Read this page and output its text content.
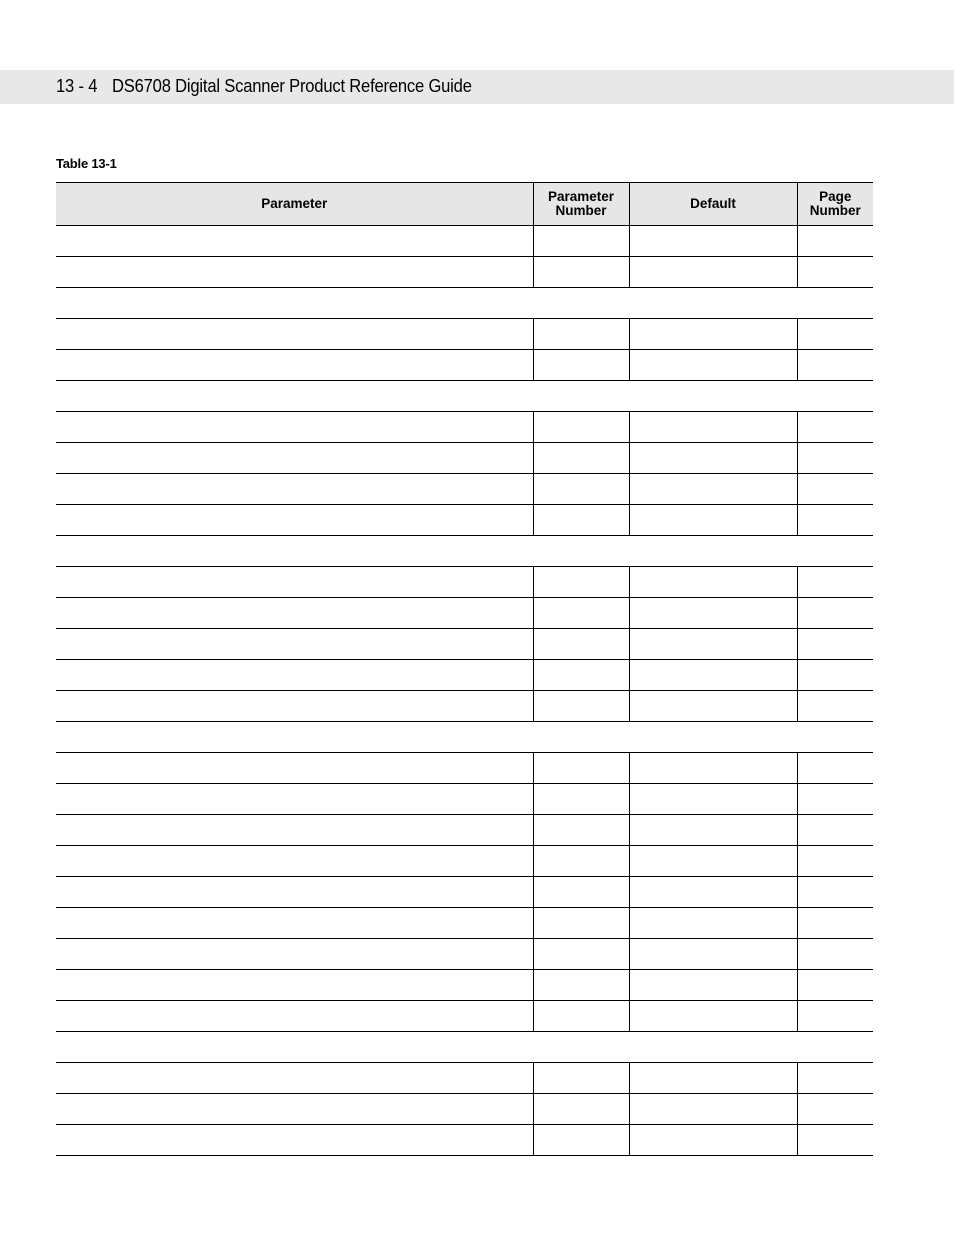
13 - 4 DS6708 Digital Scanner Product Reference Guide
Table 13-1
Parameter	Parameter Number	Default	Page Number
